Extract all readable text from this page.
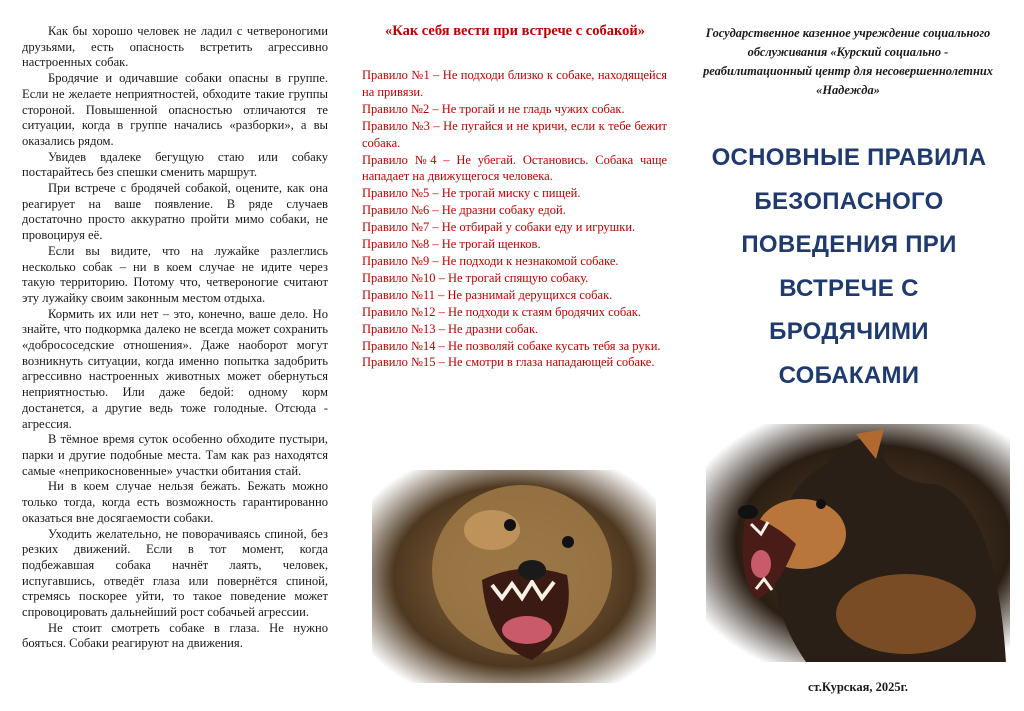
Как бы хорошо человек не ладил с четвероногими друзьями, есть опасность встретить агрессивно настроенных собак.

Бродячие и одичавшие собаки опасны в группе. Если не желаете неприятностей, обходите такие группы стороной. Повышенной опасностью отличаются те ситуации, когда в группе начались «разборки», а вы оказались рядом.

Увидев вдалеке бегущую стаю или собаку постарайтесь без спешки сменить маршрут.

При встрече с бродячей собакой, оцените, как она реагирует на ваше появление. В ряде случаев достаточно просто аккуратно пройти мимо собаки, не провоцируя её.

Если вы видите, что на лужайке разлеглись несколько собак – ни в коем случае не идите через такую территорию. Потому что, четвероногие считают эту лужайку своим законным местом отдыха.

Кормить их или нет – это, конечно, ваше дело. Но знайте, что подкормка далеко не всегда может сохранить «добрососедские отношения». Даже наоборот могут возникнуть ситуации, когда именно попытка задобрить агрессивно настроенных животных может обернуться неприятностью. Или даже бедой: одному корм достанется, а другие ведь тоже голодные. Отсюда - агрессия.

В тёмное время суток особенно обходите пустыри, парки и другие подобные места. Там как раз находятся самые «неприкосновенные» участки обитания стай.

Ни в коем случае нельзя бежать. Бежать можно только тогда, когда есть возможность гарантированно оказаться вне досягаемости собаки.

Уходить желательно, не поворачиваясь спиной, без резких движений. Если в тот момент, когда подбежавшая собака начнёт лаять, человек, испугавшись, отведёт глаза или повернётся спиной, стремясь поскорее уйти, то такое поведение может спровоцировать дальнейший рост собачьей агрессии.

Не стоит смотреть собаке в глаза. Не нужно бояться. Собаки реагируют на движения.

«Как себя вести при встрече с собакой»

Правило №1 – Не подходи близко к собаке, находящейся на привязи.

Правило №2 – Не трогай и не гладь чужих собак.

Правило №3 – Не пугайся и не кричи, если к тебе бежит собака.

Правило №4 – Не убегай. Остановись. Собака чаще нападает на движущегося человека.

Правило №5 – Не трогай миску с пищей.

Правило №6 – Не дразни собаку едой.

Правило №7 – Не отбирай у собаки еду и игрушки.

Правило №8 – Не трогай щенков.

Правило №9 – Не подходи к незнакомой собаке.

Правило №10 – Не трогай спящую собаку.

Правило №11 – Не разнимай дерущихся собак.

Правило №12 – Не подходи к стаям бродячих собак.

Правило №13 – Не дразни собак.

Правило №14 – Не позволяй собаке кусать тебя за руки.

Правило №15 – Не смотри в глаза нападающей собаке.

Государственное казенное учреждение социального обслуживания «Курский социально - реабилитационный центр для несовершеннолетних «Надежда»
ОСНОВНЫЕ ПРАВИЛА БЕЗОПАСНОГО ПОВЕДЕНИЯ ПРИ ВСТРЕЧЕ С БРОДЯЧИМИ СОБАКАМИ
ст.Курская, 2025г.
